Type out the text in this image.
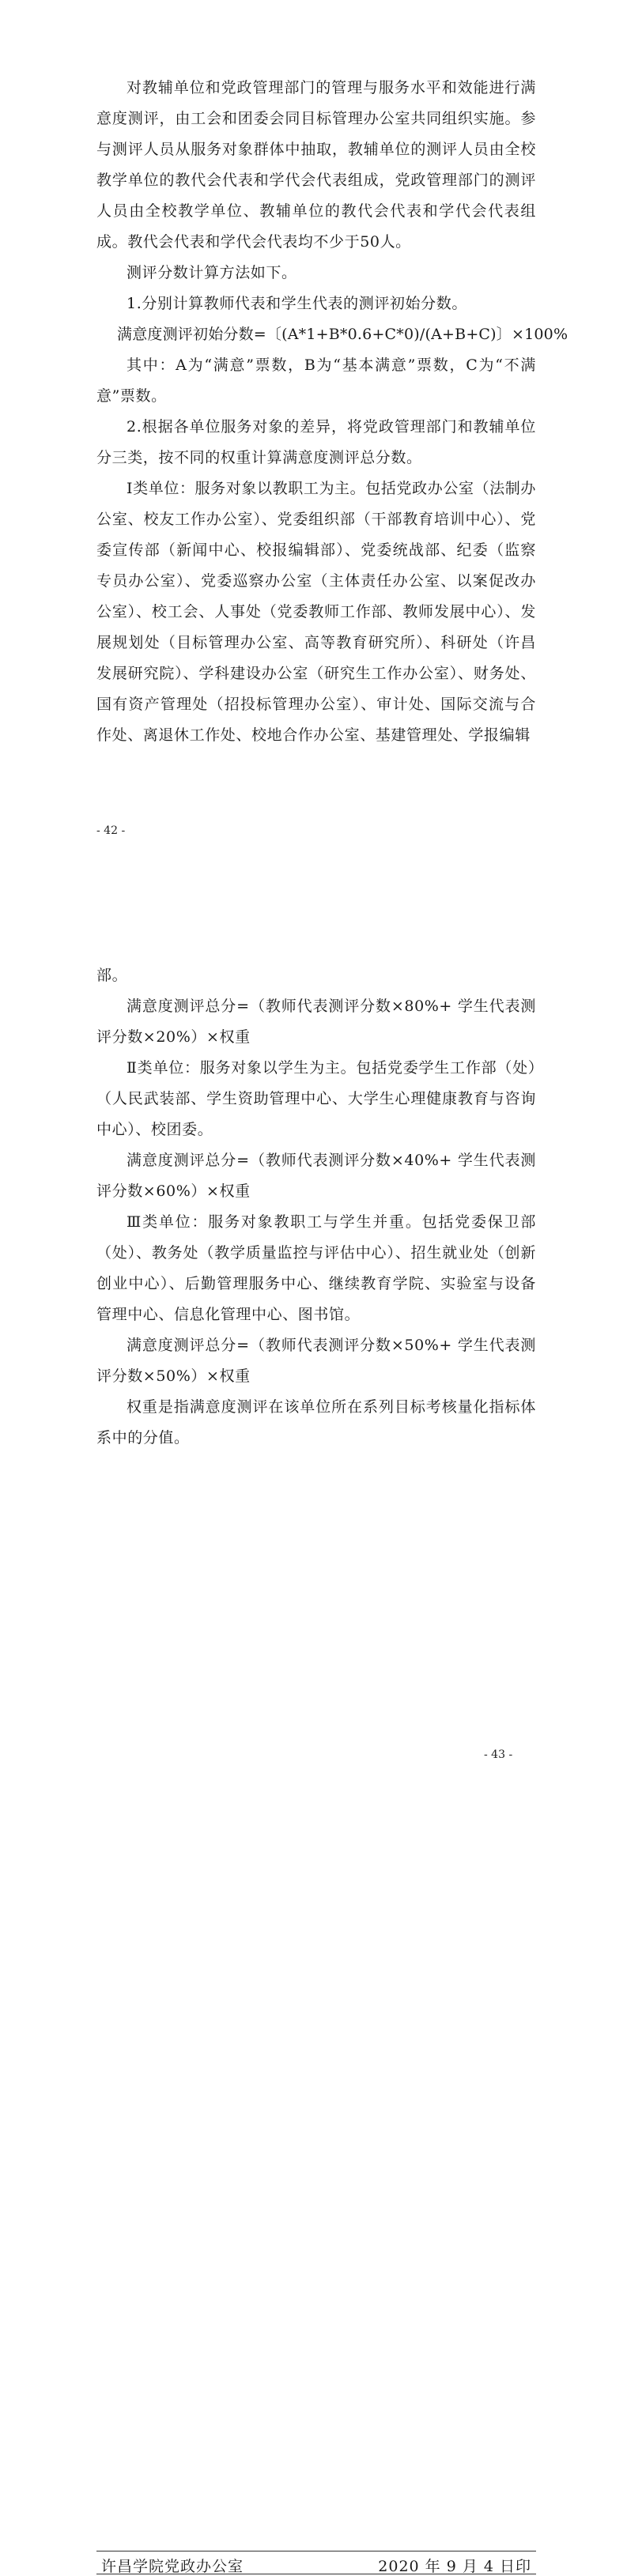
对教辅单位和党政管理部门的管理与服务水平和效能进行满意度测评，由工会和团委会同目标管理办公室共同组织实施。参与测评人员从服务对象群体中抽取，教辅单位的测评人员由全校教学单位的教代会代表和学代会代表组成，党政管理部门的测评人员由全校教学单位、教辅单位的教代会代表和学代会代表组成。教代会代表和学代会代表均不少于50人。

测评分数计算方法如下。

1.分别计算教师代表和学生代表的测评初始分数。

满意度测评初始分数=〔(A*1+B*0.6+C*0)/(A+B+C)〕×100%

其中：A为“满意”票数，B为“基本满意”票数，C为“不满意”票数。

2.根据各单位服务对象的差异，将党政管理部门和教辅单位分三类，按不同的权重计算满意度测评总分数。

Ⅰ类单位：服务对象以教职工为主。包括党政办公室（法制办公室、校友工作办公室）、党委组织部（干部教育培训中心）、党委宣传部（新闻中心、校报编辑部）、党委统战部、纪委（监察专员办公室）、党委巡察办公室（主体责任办公室、以案促改办公室）、校工会、人事处（党委教师工作部、教师发展中心）、发展规划处（目标管理办公室、高等教育研究所）、科研处（许昌发展研究院）、学科建设办公室（研究生工作办公室）、财务处、国有资产管理处（招投标管理办公室）、审计处、国际交流与合作处、离退休工作处、校地合作办公室、基建管理处、学报编辑

- 42 -

部。

满意度测评总分=（教师代表测评分数×80%+ 学生代表测评分数×20%）×权重

Ⅱ类单位：服务对象以学生为主。包括党委学生工作部（处）（人民武装部、学生资助管理中心、大学生心理健康教育与咨询中心）、校团委。

满意度测评总分=（教师代表测评分数×40%+ 学生代表测评分数×60%）×权重

Ⅲ类单位：服务对象教职工与学生并重。包括党委保卫部（处）、教务处（教学质量监控与评估中心）、招生就业处（创新创业中心）、后勤管理服务中心、继续教育学院、实验室与设备管理中心、信息化管理中心、图书馆。

满意度测评总分=（教师代表测评分数×50%+ 学生代表测评分数×50%）×权重

权重是指满意度测评在该单位所在系列目标考核量化指标体系中的分值。

许昌学院党政办公室	2020 年 9 月 4 日印
- 43 -
